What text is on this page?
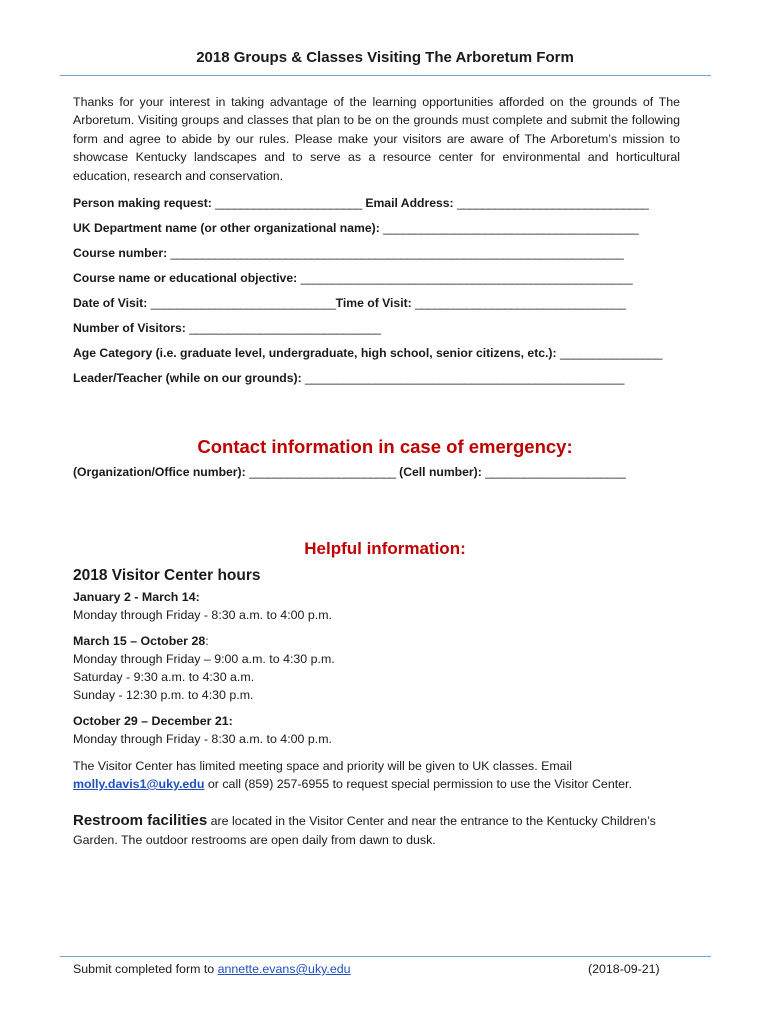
2018 Groups & Classes Visiting The Arboretum Form
Thanks for your interest in taking advantage of the learning opportunities afforded on the grounds of The Arboretum. Visiting groups and classes that plan to be on the grounds must complete and submit the following form and agree to abide by our rules. Please make your visitors are aware of The Arboretum’s mission to showcase Kentucky landscapes and to serve as a resource center for environmental and horticultural education, research and conservation.
Person making request: _______________________ Email Address: ______________________________
UK Department name (or other organizational name): ________________________________________
Course number: _______________________________________________________________________
Course name or educational objective: ____________________________________________________
Date of Visit: _____________________________Time of Visit: _________________________________
Number of Visitors: ______________________________
Age Category (i.e. graduate level, undergraduate, high school, senior citizens, etc.): ________________
Leader/Teacher (while on our grounds): __________________________________________________
Contact information in case of emergency:
(Organization/Office number): _______________________ (Cell number): ______________________
Helpful information:
2018 Visitor Center hours
January 2 - March 14:
Monday through Friday - 8:30 a.m. to 4:00 p.m.
March 15 – October 28:
Monday through Friday – 9:00 a.m. to 4:30 p.m.
Saturday - 9:30 a.m. to 4:30 a.m.
Sunday - 12:30 p.m. to 4:30 p.m.
October 29 – December 21:
Monday through Friday - 8:30 a.m. to 4:00 p.m.
The Visitor Center has limited meeting space and priority will be given to UK classes. Email
molly.davis1@uky.edu or call (859) 257-6955 to request special permission to use the Visitor Center.
Restroom facilities are located in the Visitor Center and near the entrance to the Kentucky Children’s
Garden. The outdoor restrooms are open daily from dawn to dusk.
Submit completed form to annette.evans@uky.edu	(2018-09-21)
